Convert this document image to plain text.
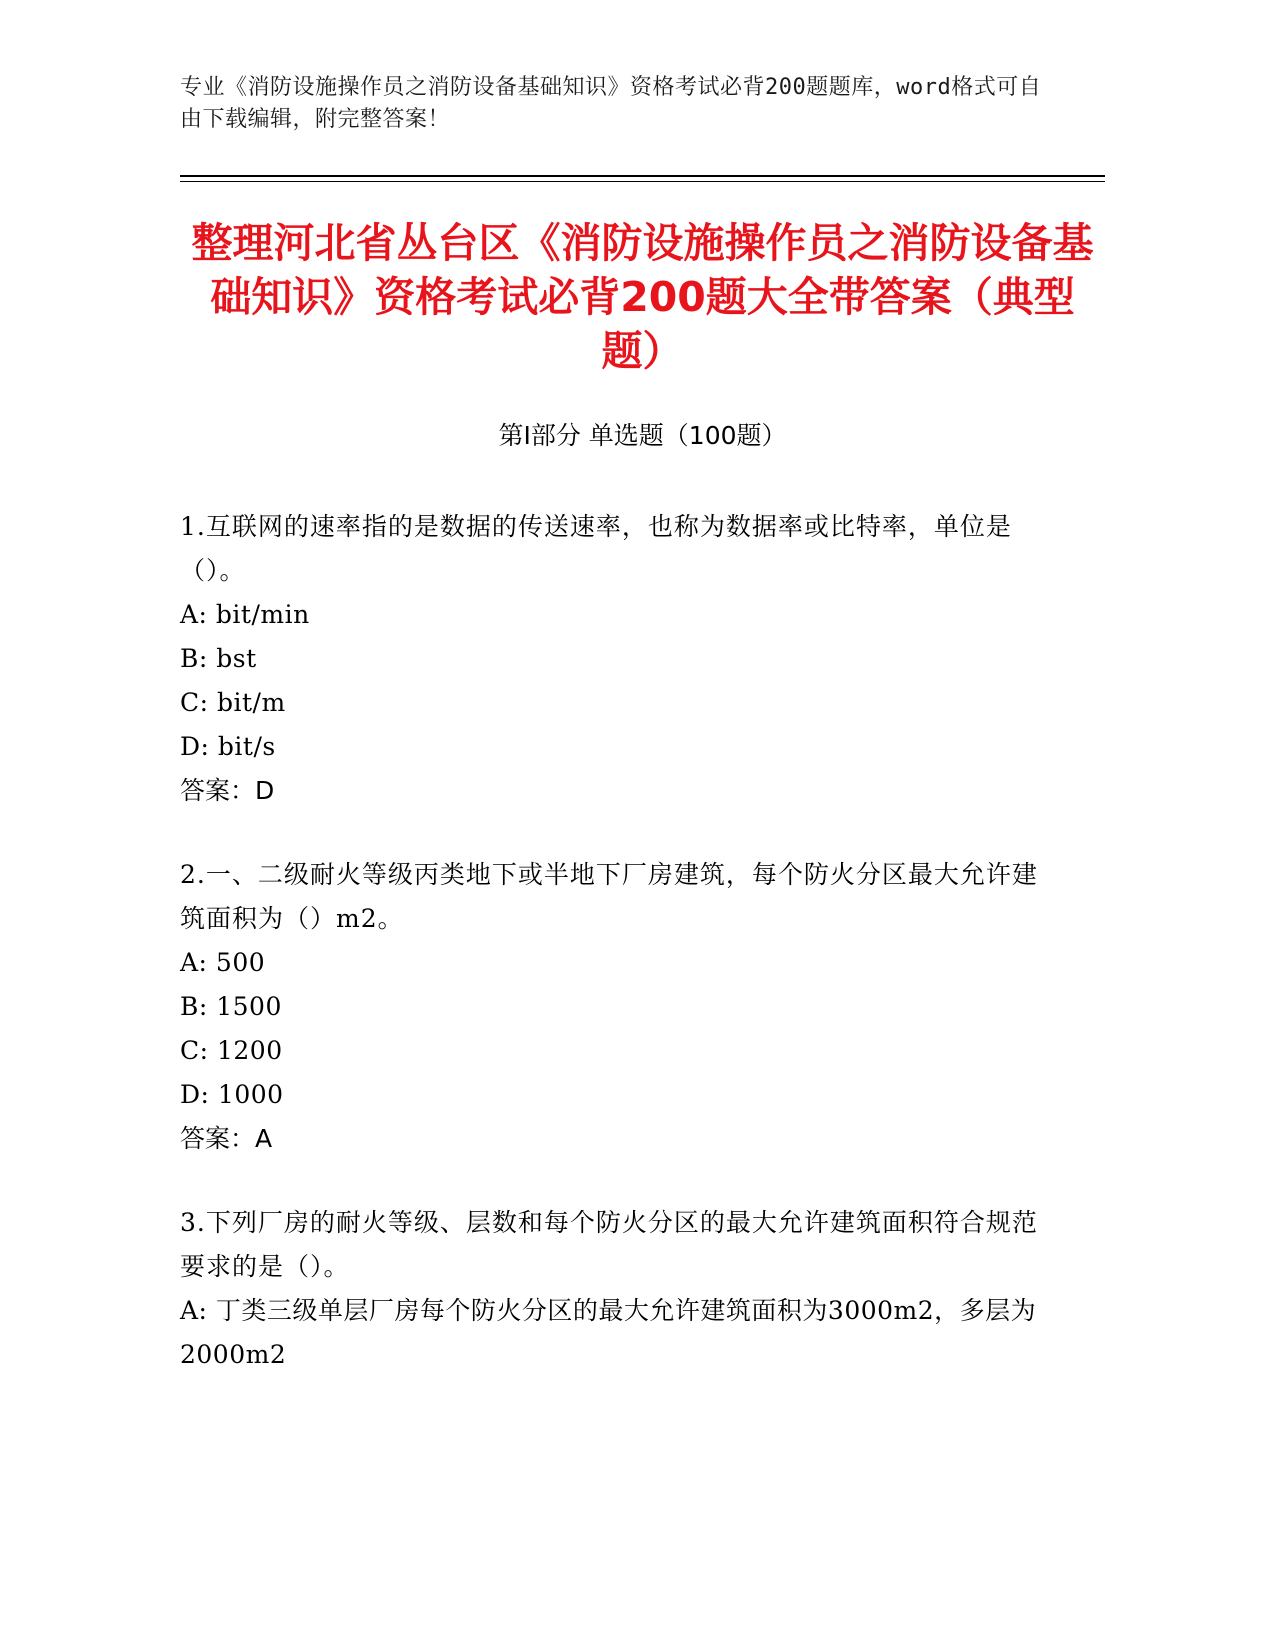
专业《消防设施操作员之消防设备基础知识》资格考试必背200题题库，word格式可自由下载编辑，附完整答案！
整理河北省丛台区《消防设施操作员之消防设备基础知识》资格考试必背200题大全带答案（典型题）
第Ⅰ部分 单选题（100题）
1.互联网的速率指的是数据的传送速率，也称为数据率或比特率，单位是（）。
A: bit/min
B: bst
C: bit/m
D: bit/s
答案：D
2.一、二级耐火等级丙类地下或半地下厂房建筑，每个防火分区最大允许建筑面积为（）m2。
A: 500
B: 1500
C: 1200
D: 1000
答案：A
3.下列厂房的耐火等级、层数和每个防火分区的最大允许建筑面积符合规范要求的是（）。
A: 丁类三级单层厂房每个防火分区的最大允许建筑面积为3000m2，多层为2000m2
